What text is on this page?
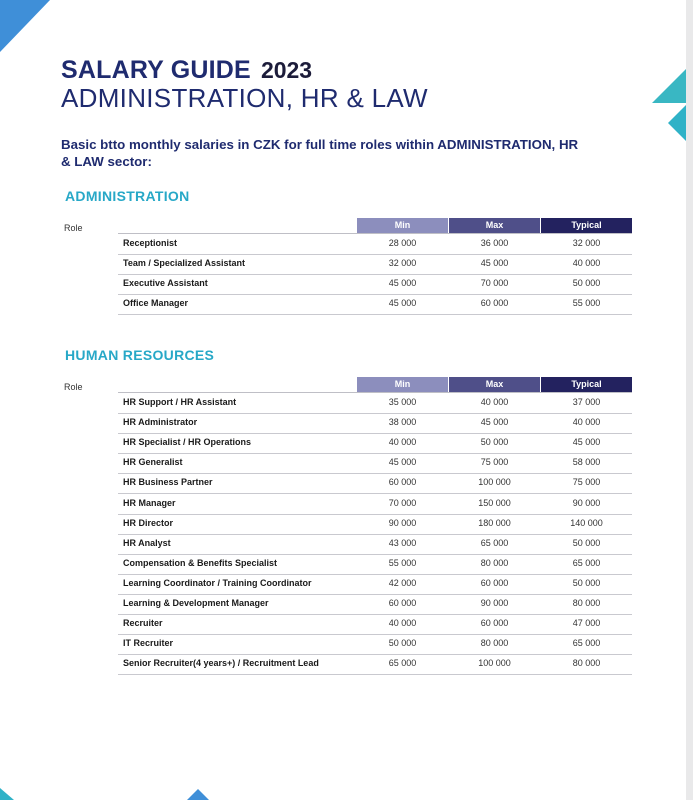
SALARY GUIDE 2023
ADMINISTRATION, HR & LAW
Basic btto monthly salaries in CZK for full time roles within ADMINISTRATION, HR & LAW sector:
ADMINISTRATION
Role	Min	Max	Typical
Receptionist	28 000	36 000	32 000
Team / Specialized Assistant	32 000	45 000	40 000
Executive Assistant	45 000	70 000	50 000
Office Manager	45 000	60 000	55 000
HUMAN RESOURCES
Role	Min	Max	Typical
HR Support / HR Assistant	35 000	40 000	37 000
HR Administrator	38 000	45 000	40 000
HR Specialist / HR Operations	40 000	50 000	45 000
HR Generalist	45 000	75 000	58 000
HR Business Partner	60 000	100 000	75 000
HR Manager	70 000	150 000	90 000
HR Director	90 000	180 000	140 000
HR Analyst	43 000	65 000	50 000
Compensation & Benefits Specialist	55 000	80 000	65 000
Learning Coordinator / Training Coordinator	42 000	60 000	50 000
Learning & Development Manager	60 000	90 000	80 000
Recruiter	40 000	60 000	47 000
IT Recruiter	50 000	80 000	65 000
Senior Recruiter(4 years+) / Recruitment Lead	65 000	100 000	80 000
